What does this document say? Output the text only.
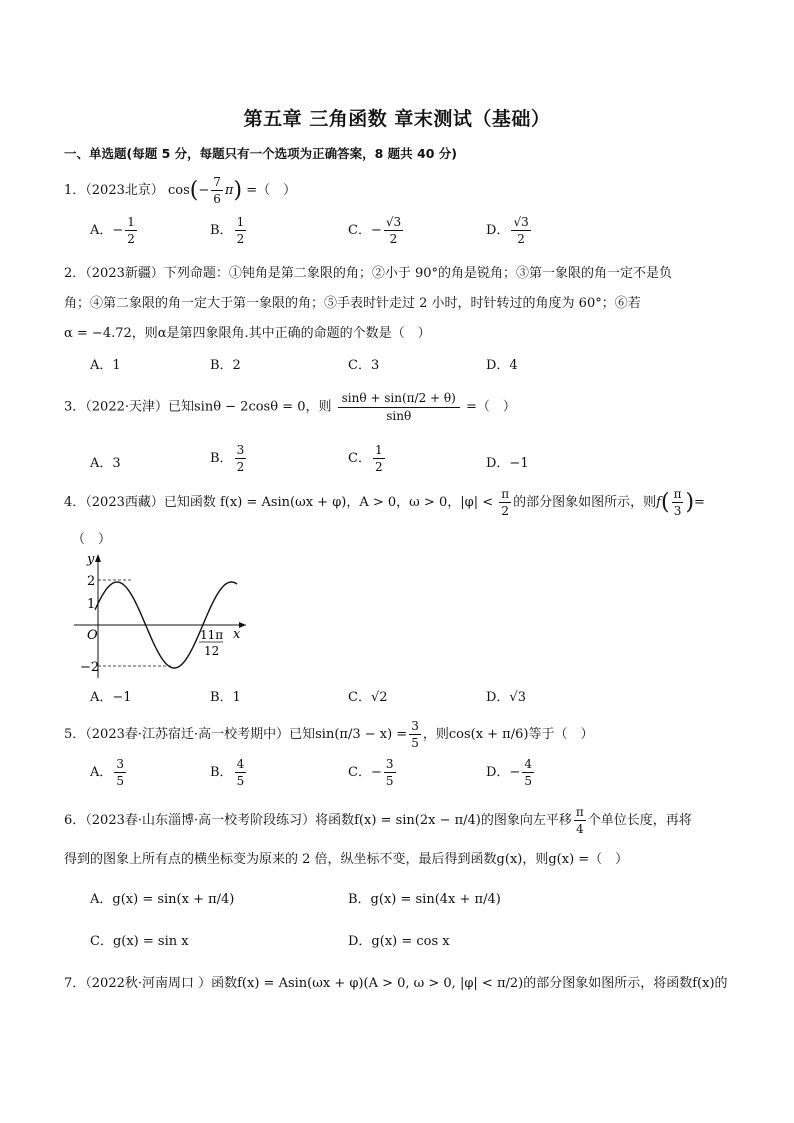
第五章 三角函数 章末测试（基础）
一、单选题(每题 5 分，每题只有一个选项为正确答案，8 题共 40 分)
1．（2023北京） $\cos(- \frac{7}{6} \pi)$ =（　）
A．− $\frac{1}{2}$	B． $\frac{1}{2}$	C．− $\frac{√3}{2}$	D． $\frac{√3}{2}$
2．（2023新疆）下列命题：①钝角是第二象限的角；②小于 90°的角是锐角；③第一象限的角一定不是负
角；④第二象限的角一定大于第一象限的角；⑤手表时针走过 2 小时，时针转过的角度为 60°；⑥若
α = −4.72，则α是第四象限角.其中正确的命题的个数是（　）
A．1	B．2	C．3	D．4
3．（2022·天津）已知sinθ − 2cosθ = 0，则 $\frac{\sin\theta + \sin(\pi/2 + \theta)}{\sin\theta}$ =（　）
A．3	B． $\frac{3}{2}$	C． $\frac{1}{2}$	D．−1
4．（2023西藏）已知函数 f(x) = Asin(ωx + φ)，A > 0，ω > 0，$|\varphi| < \frac{\pi}{2}$ 的部分图象如图所示，则$f( \frac{\pi}{3}$ )=
（　）
y
x
O
2
1
−2
11π
12
A．−1	B．1	C．√2	D．√3
5．（2023春·江苏宿迁·高一校考期中）已知$\sin(\pi/3 - x) = \frac{3}{5}$ ，则cos(x + π/6)等于（　）
A． $\frac{3}{5}$	B． $\frac{4}{5}$	C．− $\frac{3}{5}$	D．− $\frac{4}{5}$
6．（2023春·山东淄博·高一校考阶段练习）将函数f(x) = sin(2x − π/4)的图象向左平移 $\frac{\pi}{4}$ 个单位长度，再将
得到的图象上所有点的横坐标变为原来的 2 倍，纵坐标不变，最后得到函数g(x)，则g(x) =（　）
A．g(x) = sin(x + π/4)	B．g(x) = sin(4x + π/4)
C．g(x) = sin x	D．g(x) = cos x
7．（2022秋·河南周口 ）函数f(x) = Asin(ωx + φ)(A > 0, ω > 0, |φ| < π/2)的部分图象如图所示，将函数f(x)的
